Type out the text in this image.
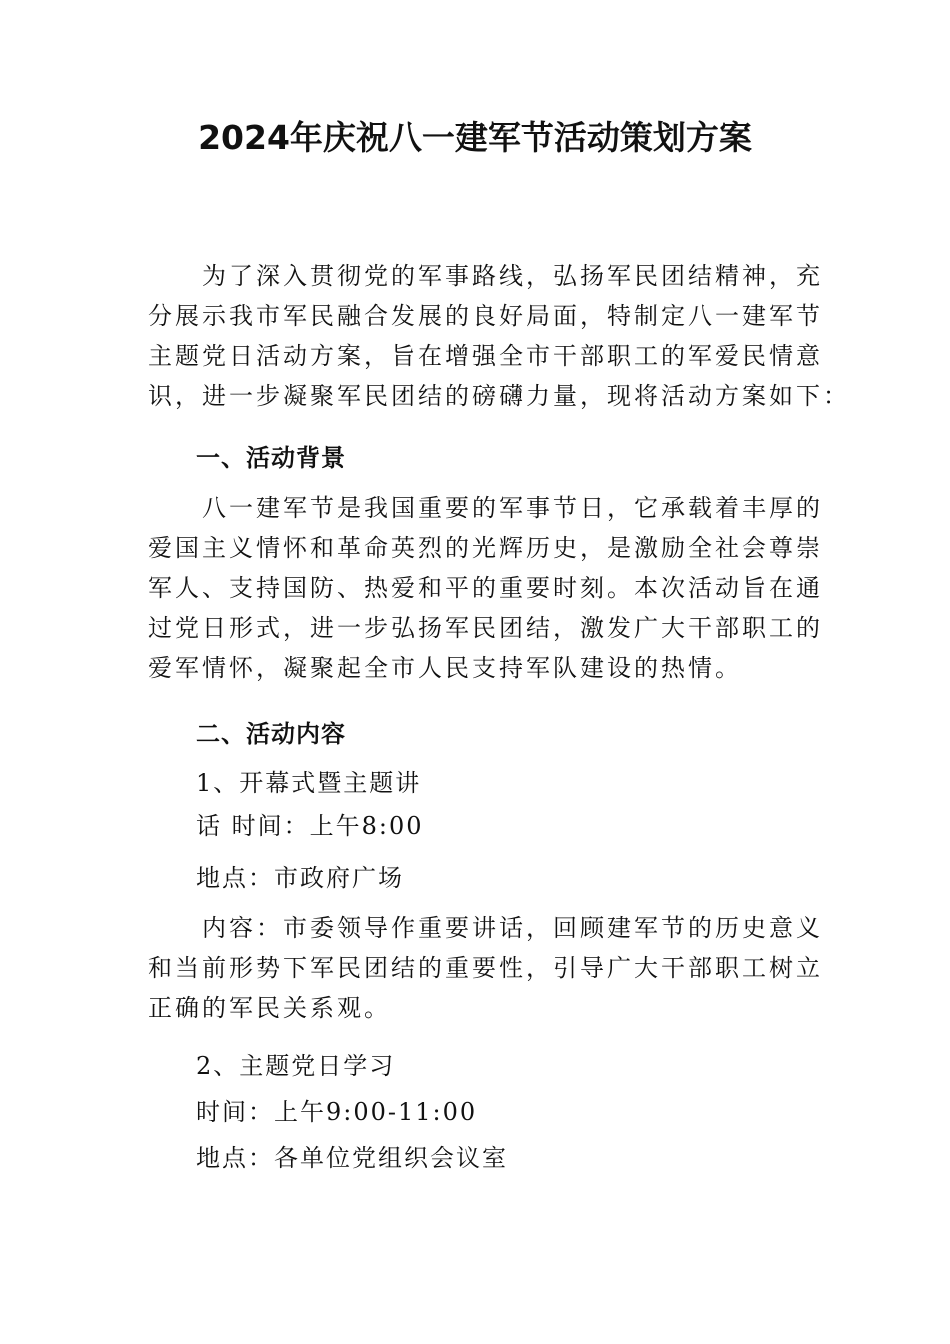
2024年庆祝八一建军节活动策划方案
　　为了深入贯彻党的军事路线，弘扬军民团结精神，充
分展示我市军民融合发展的良好局面，特制定八一建军节
主题党日活动方案，旨在增强全市干部职工的军爱民情意
识，进一步凝聚军民团结的磅礴力量，现将活动方案如下：
一、活动背景
　　八一建军节是我国重要的军事节日，它承载着丰厚的
爱国主义情怀和革命英烈的光辉历史，是激励全社会尊崇
军人、支持国防、热爱和平的重要时刻。本次活动旨在通
过党日形式，进一步弘扬军民团结，激发广大干部职工的
爱军情怀，凝聚起全市人民支持军队建设的热情。
二、活动内容
1、开幕式暨主题讲
话 时间：上午8:00
地点：市政府广场
　　内容：市委领导作重要讲话，回顾建军节的历史意义
和当前形势下军民团结的重要性，引导广大干部职工树立
正确的军民关系观。
2、主题党日学习
时间：上午9:00-11:00
地点：各单位党组织会议室
